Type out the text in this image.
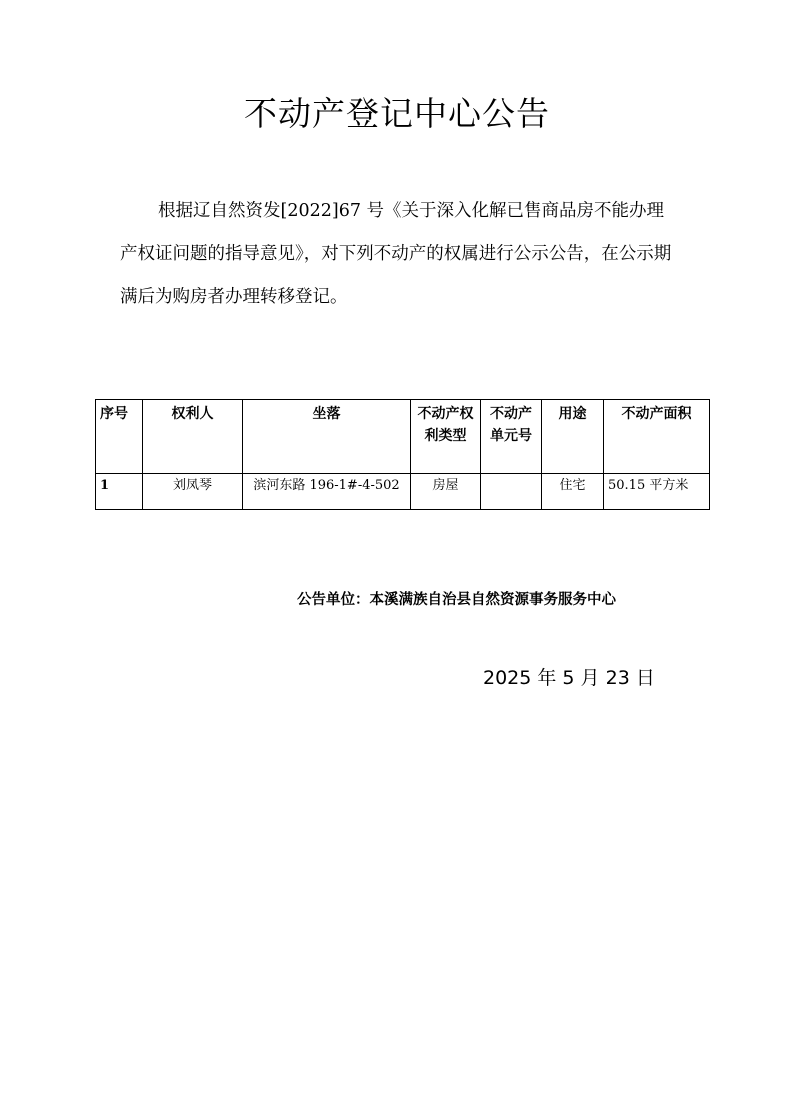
不动产登记中心公告
根据辽自然资发[2022]67 号《关于深入化解已售商品房不能办理产权证问题的指导意见》，对下列不动产的权属进行公示公告，在公示期满后为购房者办理转移登记。
序号	权利人	坐落	不动产权利类型	不动产单元号	用途	不动产面积
1	刘凤琴	滨河东路 196-1#-4-502	房屋		住宅	50.15 平方米
公告单位：本溪满族自治县自然资源事务服务中心
2025 年 5 月 23 日
